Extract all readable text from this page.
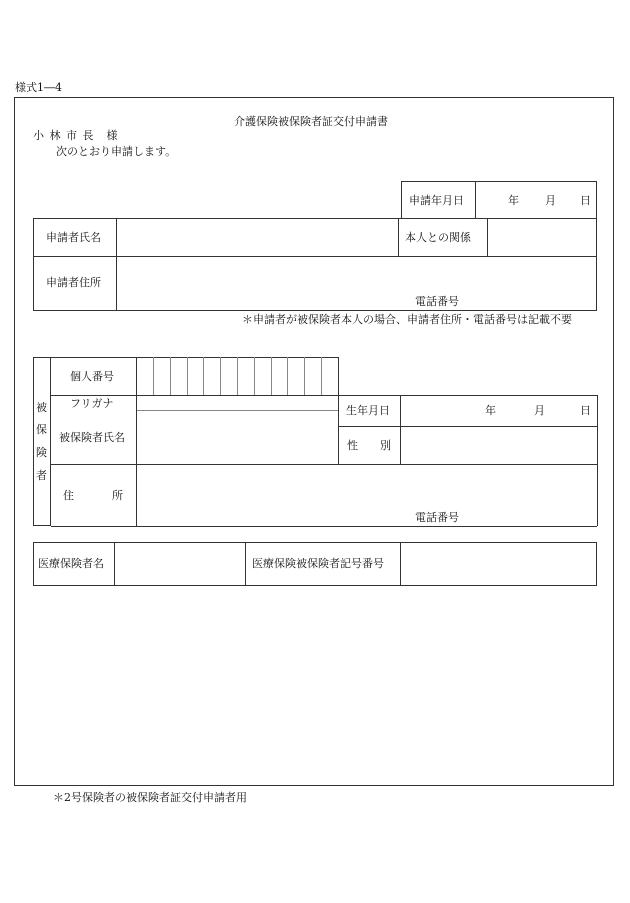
様式1―4
介護保険被保険者証交付申請書
小 林 市 長　様
次のとおり申請します。
申請年月日	年 月 日
申請者氏名	本人との関係
申請者住所
電話番号
＊申請者が被保険者本人の場合、申請者住所・電話番号は記載不要
被
保
険
者
個人番号
フリガナ
被保険者氏名
生年月日	年	月	日
性　　別
住	所
電話番号
医療保険者名	医療保険被保険者記号番号
＊2号保険者の被保険者証交付申請者用
